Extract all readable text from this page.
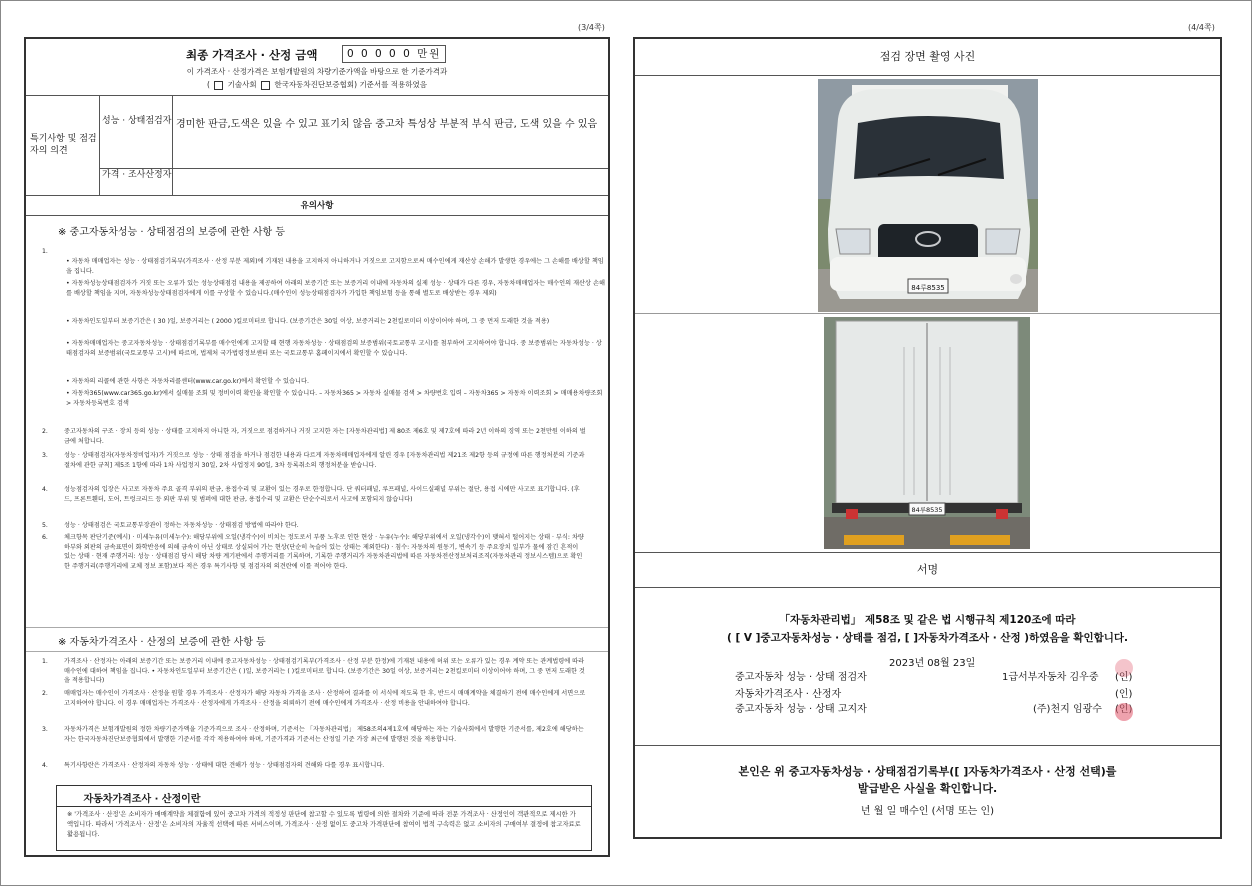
(3/4쪽)	(4/4쪽)
최종 가격조사 · 산정 금액	0 0 0 0 0 만원
이 가격조사 · 산정가격은 보험개발원의 차량기준가액을 바탕으로 한 기준가격과
( 기술사회 한국자동차진단보증협회) 기준서를 적용하였음
특기사항 및 점검자의 의견
성능 · 상태점검자 경미한 판금,도색은 있을 수 있고 표기치 않음 중고차 특성상 부분적 부식 판금, 도색 있을 수 있음
가격 · 조사산정자
유의사항
※ 중고자동차성능 · 상태점검의 보증에 관한 사항 등
1.
• 자동차 매매업자는 성능 · 상태점검기록부(가격조사 · 산정 부분 제외)에 기재된 내용을 고지하지 아니하거나 거짓으로 고지함으로써 매수인에게 재산상 손해가 발생한 경우에는 그 손해를 배상할 책임을 집니다.
• 자동차성능상태점검자가 거짓 또는 오류가 있는 성능상태점검 내용을 제공하여 아래의 보증기간 또는 보증거리 이내에 자동차의 실제 성능 · 상태가 다른 경우, 자동차매매업자는 매수인의 재산상 손해를 배상할 책임을 지며, 자동차성능상태점검자에게 이를 구상할 수 있습니다.(매수인이 성능상태점검자가 가입한 책임보험 등을 통해 별도로 배상받는 경우 제외)
• 자동차인도일부터 보증기간은 ( 30 )일, 보증거리는 ( 2000 )킬로미터로 합니다. (보증기간은 30일 이상, 보증거리는 2천킬로미터 이상이어야 하며, 그 중 먼저 도래한 것을 적용)
• 자동차매매업자는 중고자동차성능 · 상태점검기록부를 매수인에게 고지할 때 현행 자동차성능 · 상태점검의 보증범위(국토교통부 고시)를 첨부하여 고지하여야 합니다. 중 보증범위는 자동차성능 · 상태점검자의 보증범위(국토교통부 고시)에 따르며, 법제처 국가법령정보센터 또는 국토교통부 홈페이지에서 확인할 수 있습니다.
• 자동차의 리콜에 관한 사항은 자동차리콜센터(www.car.go.kr)에서 확인할 수 있습니다.
• 자동차365(www.car365.go.kr)에서 실매물 조회 및 정비이력 확인을 확인할 수 있습니다. – 자동차365 > 자동차 실매물 검색 > 차량번호 입력 – 자동차365 > 자동차 이력조회 > 매매용차량조회 > 자동차등록번호 검색
2.	중고자동차의 구조 · 장치 등의 성능 · 상태를 고지하지 아니한 자, 거짓으로 점검하거나 거짓 고지한 자는 [자동차관리법] 제 80조 제6호 및 제7호에 따라 2년 이하의 징역 또는 2천만원 이하의 벌금에 처합니다.
3.	성능 · 상태점검자(자동차정비업자)가 거짓으로 성능 · 상태 점검을 하거나 점검한 내용과 다르게 자동차매매업자에게 알린 경우 [자동차관리법 제21조 제2항 등의 규정에 따른 행정처분의 기준과 절차에 관한 규칙] 제5조 1항에 따라 1차 사업정지 30일, 2차 사업정지 90일, 3차 등록취소의 행정처분을 받습니다.
4.	성능점검자의 입장은 사고로 자동차 주요 골격 부위의 판금, 용접수리 및 교환이 있는 경우로 한정합니다. 단 쿼터패널, 루프패널, 사이드실패널 부위는 절단, 용접 시에만 사고로 표기합니다. (후드, 프론트휀더, 도어, 트렁크리드 등 외판 부위 및 범퍼에 대한 판금, 용접수리 및 교환은 단순수리로서 사고에 포함되지 않습니다)
5.	성능 · 상태점검은 국토교통부장관이 정하는 자동차성능 · 상태점검 방법에 따라야 한다.
6.	체크항목 판단기준(예시) · 미세누유(미세누수): 해당부위에 오일(냉각수)이 비치는 정도로서 부품 노후로 인한 현상 · 누유(누수): 해당부위에서 오일(냉각수)이 맺혀서 떨어지는 상태 · 부식: 차량하부와 외판의 금속표면이 화학반응에 의해 금속이 아닌 상태로 상실되어 가는 현상(단순히 녹슬어 있는 상태는 제외한다) · 침수: 자동차의 원동기, 변속기 등 주요장치 일부가 물에 잠긴 흔적이 있는 상태 · 현재 주행거리: 성능 · 상태점검 당시 해당 차량 계기판에서 주행거리를 기록하며, 기록한 주행거리가 자동차관리법에 따른 자동차전산정보처리조직(자동차관리 정보시스템)으로 확인한 주행거리(주행거리에 교체 정보 포함)보다 적은 경우 특기사항 및 점검자의 의견란에 이를 적어야 한다.
※ 자동차가격조사 · 산정의 보증에 관한 사항 등
1.	가격조사 · 산정자는 아래의 보증기간 또는 보증거리 이내에 중고자동차성능 · 상태점검기록부(가격조사 · 산정 부분 한정)에 기재된 내용에 허위 또는 오류가 있는 경우 계약 또는 관계법령에 따라 매수인에 대하여 책임을 집니다. • 자동차인도일부터 보증기간은 ( )일, 보증거리는 ( )킬로미터로 합니다. (보증기간은 30일 이상, 보증거리는 2천킬로미터 이상이어야 하며, 그 중 먼저 도래한 것을 적용합니다)
2.	매매업자는 매수인이 가격조사 · 산정을 원할 경우 가격조사 · 산정자가 해당 자동차 가격을 조사 · 산정하여 결과를 이 서식에 적도록 한 후, 반드시 매매계약을 체결하기 전에 매수인에게 서면으로 고지하여야 합니다. 이 경우 매매업자는 가격조사 · 산정자에게 가격조사 · 산정을 의뢰하기 전에 매수인에게 가격조사 · 산정 비용을 안내하여야 합니다.
3.	자동차가격은 보험개발원의 정한 차량기준가액을 기준가격으로 조사 · 산정하며, 기준서는 「자동차관리법」 제58조의4제1호에 해당하는 자는 기술사회에서 발행한 기준서를, 제2호에 해당하는 자는 한국자동차진단보증협회에서 발행한 기준서를 각각 적용하여야 하며, 기준가격과 기준서는 산정일 기준 가장 최근에 발행된 것을 적용합니다.
4.	특기사항란은 가격조사 · 산정자의 자동차 성능 · 상태에 대한 견해가 성능 · 상태점검자의 견해와 다를 경우 표시합니다.
자동차가격조사 · 산정이란
※ '가격조사 · 산정'은 소비자가 매매계약을 체결함에 있어 중고차 가격의 적정성 판단에 참고할 수 있도록 법령에 의한 절차와 기준에 따라 전문 가격조사 · 산정인이 객관적으로 제시한 가액입니다. 따라서 '가격조사 · 산정'은 소비자의 자율적 선택에 따른 서비스이며, 가격조사 · 산정 없이도 중고차 가격판단에 참여이 법적 구속력은 없고 소비자의 구매여부 결정에 참고자료로 활용됩니다.
점검 장면 촬영 사진
84루8535
84루8535
서명
「자동차관리법」 제58조 및 같은 법 시행규칙 제120조에 따라
( [ V ]중고자동차성능 · 상태를 점검, [ ]자동차가격조사 · 산정 )하였음을 확인합니다.
2023년 08월 23일
중고자동차 성능 · 상태 점검자	1급서부자동차 김우중 (인)
자동차가격조사 · 산정자	(인)
중고자동차 성능 · 상태 고지자	(주)천지 임광수
본인은 위 중고자동차성능 · 상태점검기록부([ ]자동차가격조사 · 산정 선택)를
발급받은 사실을 확인합니다.
년 월 일 매수인 (서명 또는 인)
